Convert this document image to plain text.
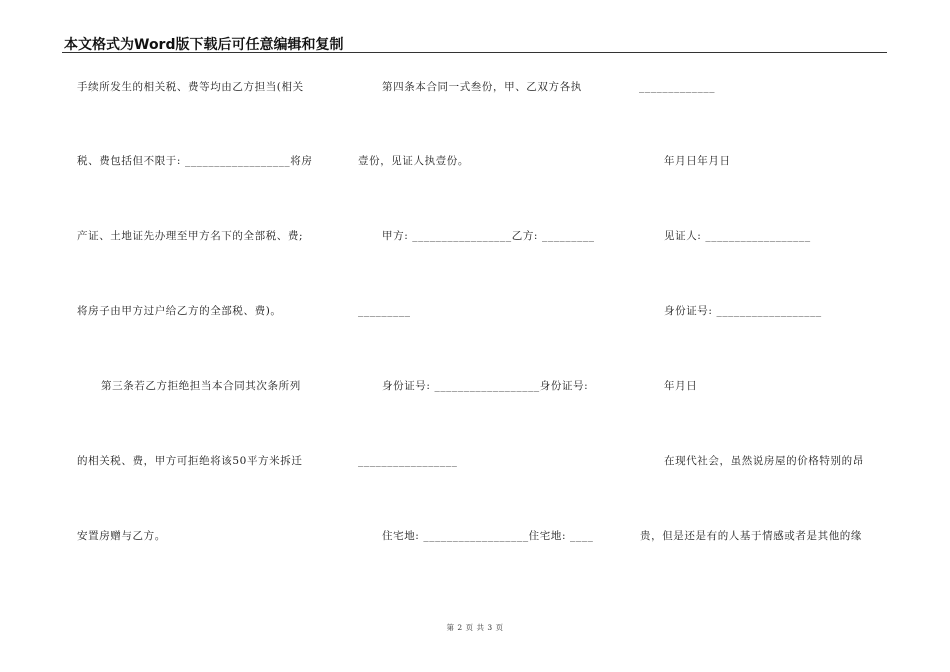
本文格式为Word版下载后可任意编辑和复制
手续所发生的相关税、费等均由乙方担当(相关
税、费包括但不限于: __________________将房
产证、土地证先办理至甲方名下的全部税、费;
将房子由甲方过户给乙方的全部税、费)。
第三条若乙方拒绝担当本合同其次条所列
的相关税、费，甲方可拒绝将该50平方米拆迁
安置房赠与乙方。
第四条本合同一式叁份，甲、乙双方各执
壹份，见证人执壹份。
甲方: _________________乙方: _________
_________
身份证号: __________________身份证号:
_________________
住宅地: __________________住宅地: ____
_____________
年月日年月日
见证人: __________________
身份证号: __________________
年月日
在现代社会，虽然说房屋的价格特别的昂
贵，但是还是有的人基于情感或者是其他的缘
第 2 页 共 3 页
